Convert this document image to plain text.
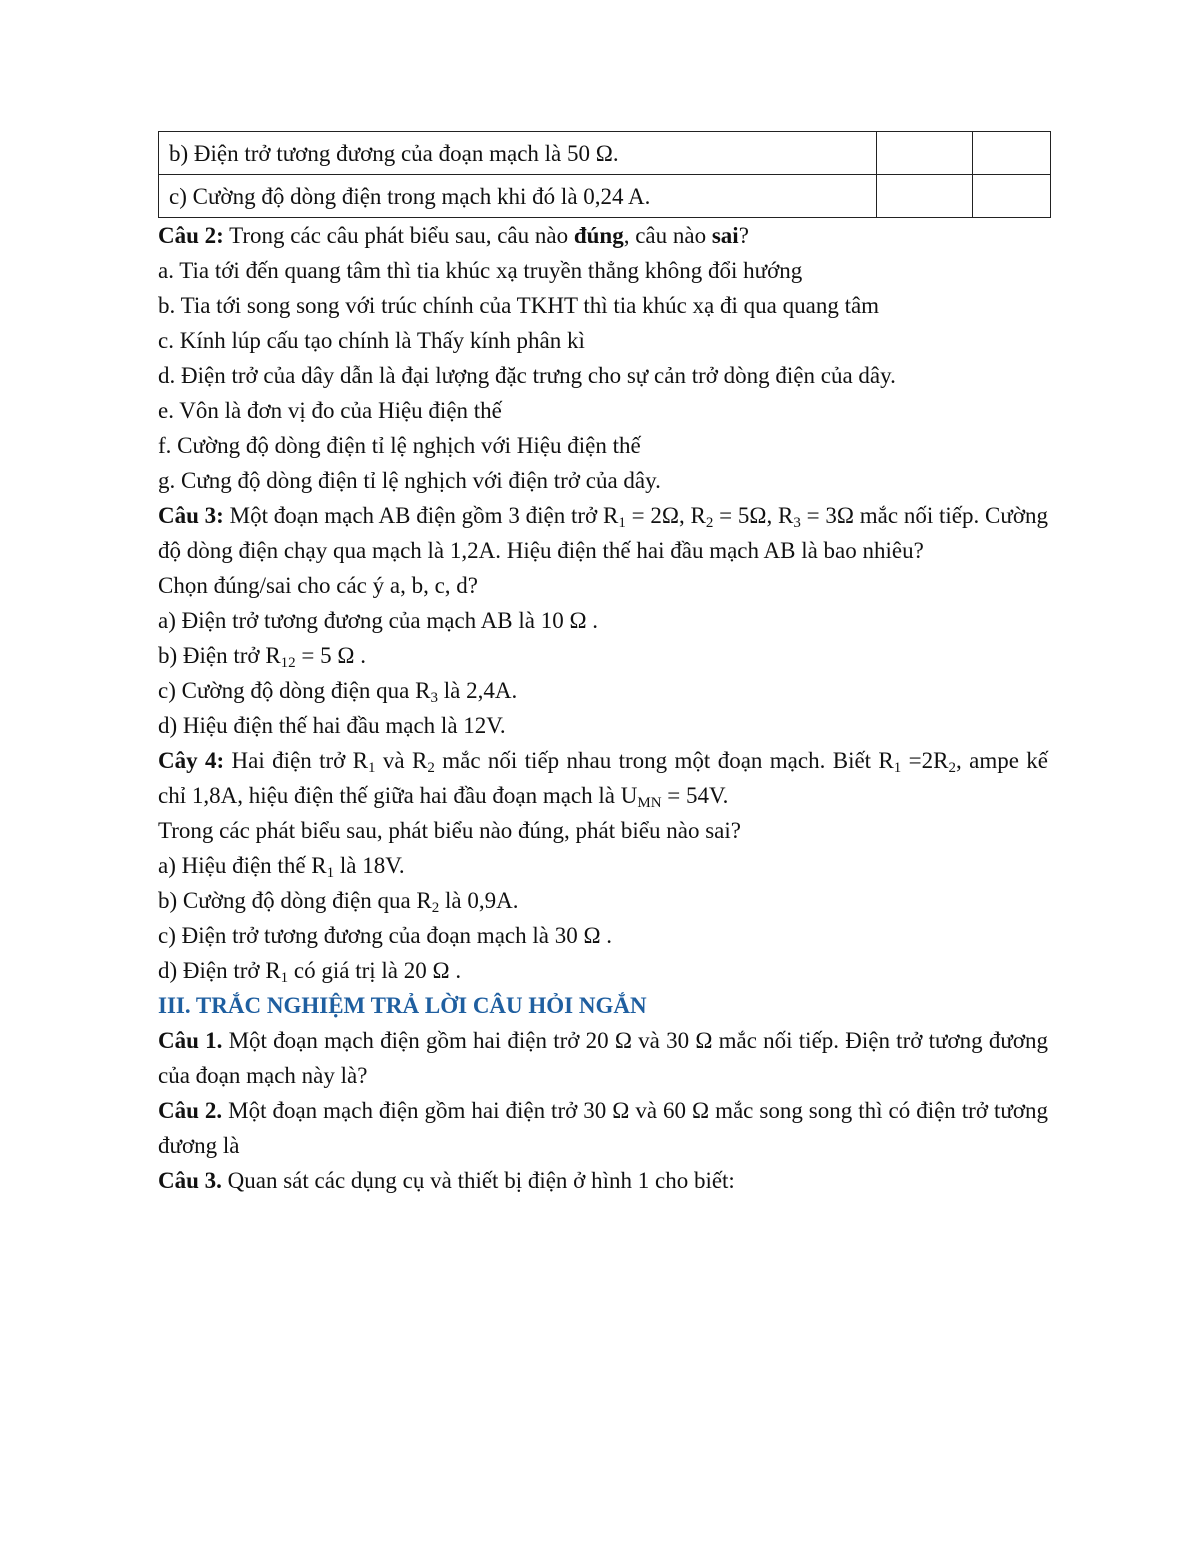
b) Điện trở tương đương của đoạn mạch là 50 Ω.		
c) Cường độ dòng điện trong mạch khi đó là 0,24 A.		
Câu 2: Trong các câu phát biểu sau, câu nào đúng, câu nào sai?
a. Tia tới đến quang tâm thì tia khúc xạ truyền thẳng không đổi hướng
b. Tia tới song song với trúc chính của TKHT thì tia khúc xạ đi qua quang tâm
c. Kính lúp cấu tạo chính là Thấy kính phân kì
d. Điện trở của dây dẫn là đại lượng đặc trưng cho sự cản trở dòng điện của dây.
e. Vôn là đơn vị đo của Hiệu điện thế
f. Cường độ dòng điện tỉ lệ nghịch với Hiệu điện thế
g. Cưng độ dòng điện tỉ lệ nghịch với điện trở của dây.
Câu 3: Một đoạn mạch AB điện gồm 3 điện trở $R_1 = 2\Omega$, $R_2 = 5\Omega$, $R_3 = 3\Omega$ mắc nối tiếp. Cường độ dòng điện chạy qua mạch là 1,2A. Hiệu điện thế hai đầu mạch AB là bao nhiêu?
Chọn đúng/sai cho các ý a, b, c, d?
a) Điện trở tương đương của mạch AB là 10 Ω .
b) Điện trở $R_{12} = 5$ Ω .
c) Cường độ dòng điện qua $R_3$ là 2,4A.
d) Hiệu điện thế hai đầu mạch là 12V.
Cây 4: Hai điện trở $R_1$ và $R_2$ mắc nối tiếp nhau trong một đoạn mạch. Biết $R_1 =2R_2$, ampe kế chỉ 1,8A, hiệu điện thế giữa hai đầu đoạn mạch là $U_{MN} = 54V$.
Trong các phát biểu sau, phát biểu nào đúng, phát biểu nào sai?
a) Hiệu điện thế $R_1$ là 18V.
b) Cường độ dòng điện qua $R_2$ là 0,9A.
c) Điện trở tương đương của đoạn mạch là 30 Ω .
d) Điện trở $R_1$ có giá trị là 20 Ω .
III. TRẮC NGHIỆM TRẢ LỜI CÂU HỎI NGẮN
Câu 1. Một đoạn mạch điện gồm hai điện trở 20 Ω và 30 Ω mắc nối tiếp. Điện trở tương đương của đoạn mạch này là?
Câu 2. Một đoạn mạch điện gồm hai điện trở 30 Ω và 60 Ω mắc song song thì có điện trở tương đương là
Câu 3. Quan sát các dụng cụ và thiết bị điện ở hình 1 cho biết:
